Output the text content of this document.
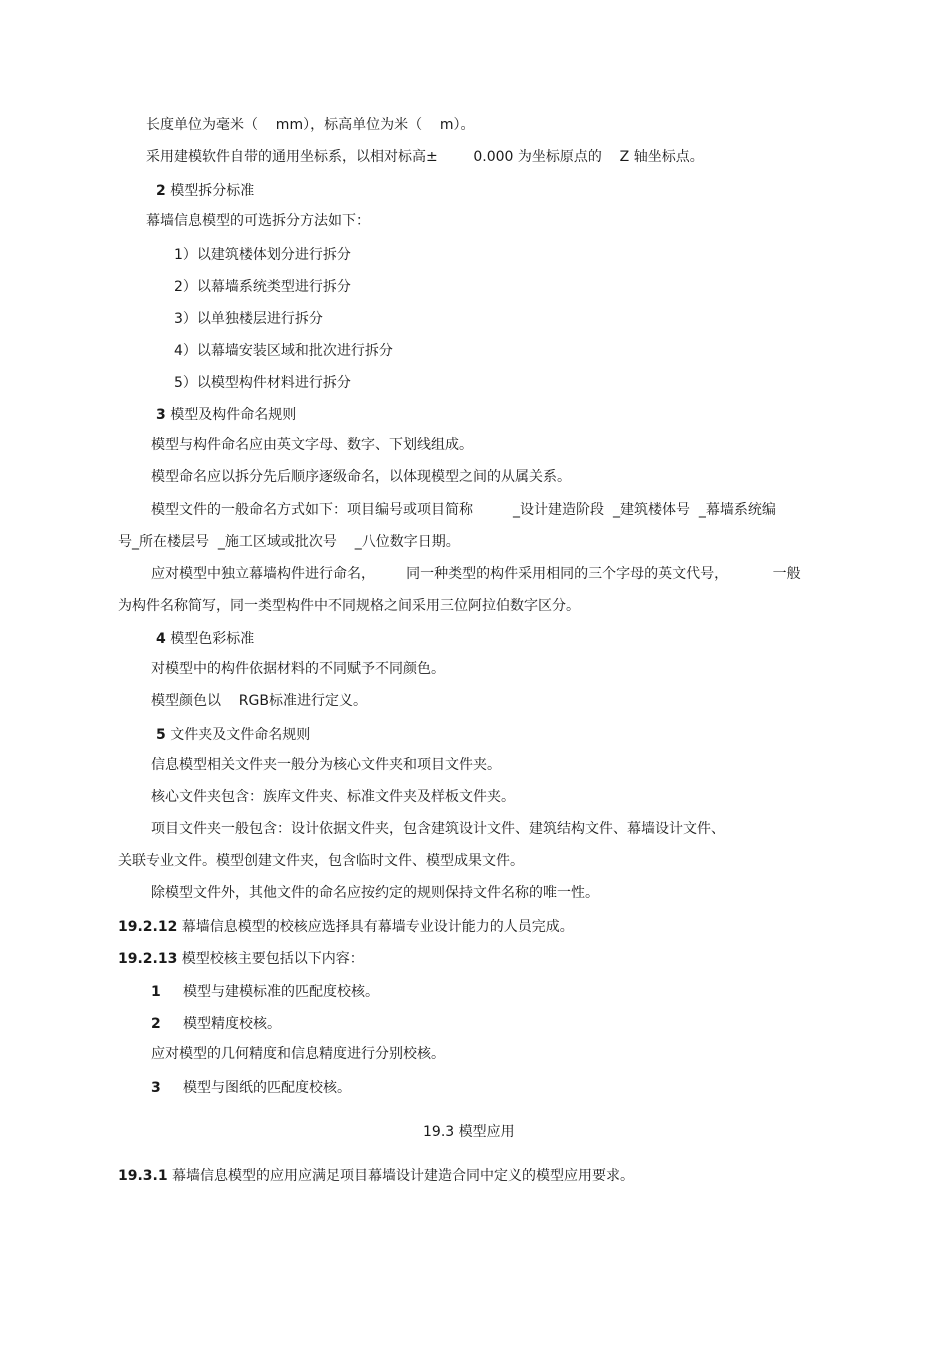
长度单位为毫米（    mm），标高单位为米（    m）。
采用建模软件自带的通用坐标系，以相对标高±        0.000 为坐标原点的    Z 轴坐标点。
2 模型拆分标准
幕墙信息模型的可选拆分方法如下：
1）以建筑楼体划分进行拆分
2）以幕墙系统类型进行拆分
3）以单独楼层进行拆分
4）以幕墙安装区域和批次进行拆分
5）以模型构件材料进行拆分
3 模型及构件命名规则
模型与构件命名应由英文字母、数字、下划线组成。
模型命名应以拆分先后顺序逐级命名，以体现模型之间的从属关系。
模型文件的一般命名方式如下：项目编号或项目简称         _设计建造阶段  _建筑楼体号  _幕墙系统编
号_所在楼层号  _施工区域或批次号    _八位数字日期。
应对模型中独立幕墙构件进行命名，       同一种类型的构件采用相同的三个字母的英文代号，          一般
为构件名称简写，同一类型构件中不同规格之间采用三位阿拉伯数字区分。
4 模型色彩标准
对模型中的构件依据材料的不同赋予不同颜色。
模型颜色以    RGB标准进行定义。
5 文件夹及文件命名规则
信息模型相关文件夹一般分为核心文件夹和项目文件夹。
核心文件夹包含：族库文件夹、标准文件夹及样板文件夹。
项目文件夹一般包含：设计依据文件夹，包含建筑设计文件、建筑结构文件、幕墙设计文件、
关联专业文件。模型创建文件夹，包含临时文件、模型成果文件。
除模型文件外，其他文件的命名应按约定的规则保持文件名称的唯一性。
19.2.12 幕墙信息模型的校核应选择具有幕墙专业设计能力的人员完成。
19.2.13 模型校核主要包括以下内容：
1     模型与建模标准的匹配度校核。
2     模型精度校核。
应对模型的几何精度和信息精度进行分别校核。
3     模型与图纸的匹配度校核。
19.3 模型应用
19.3.1 幕墙信息模型的应用应满足项目幕墙设计建造合同中定义的模型应用要求。
